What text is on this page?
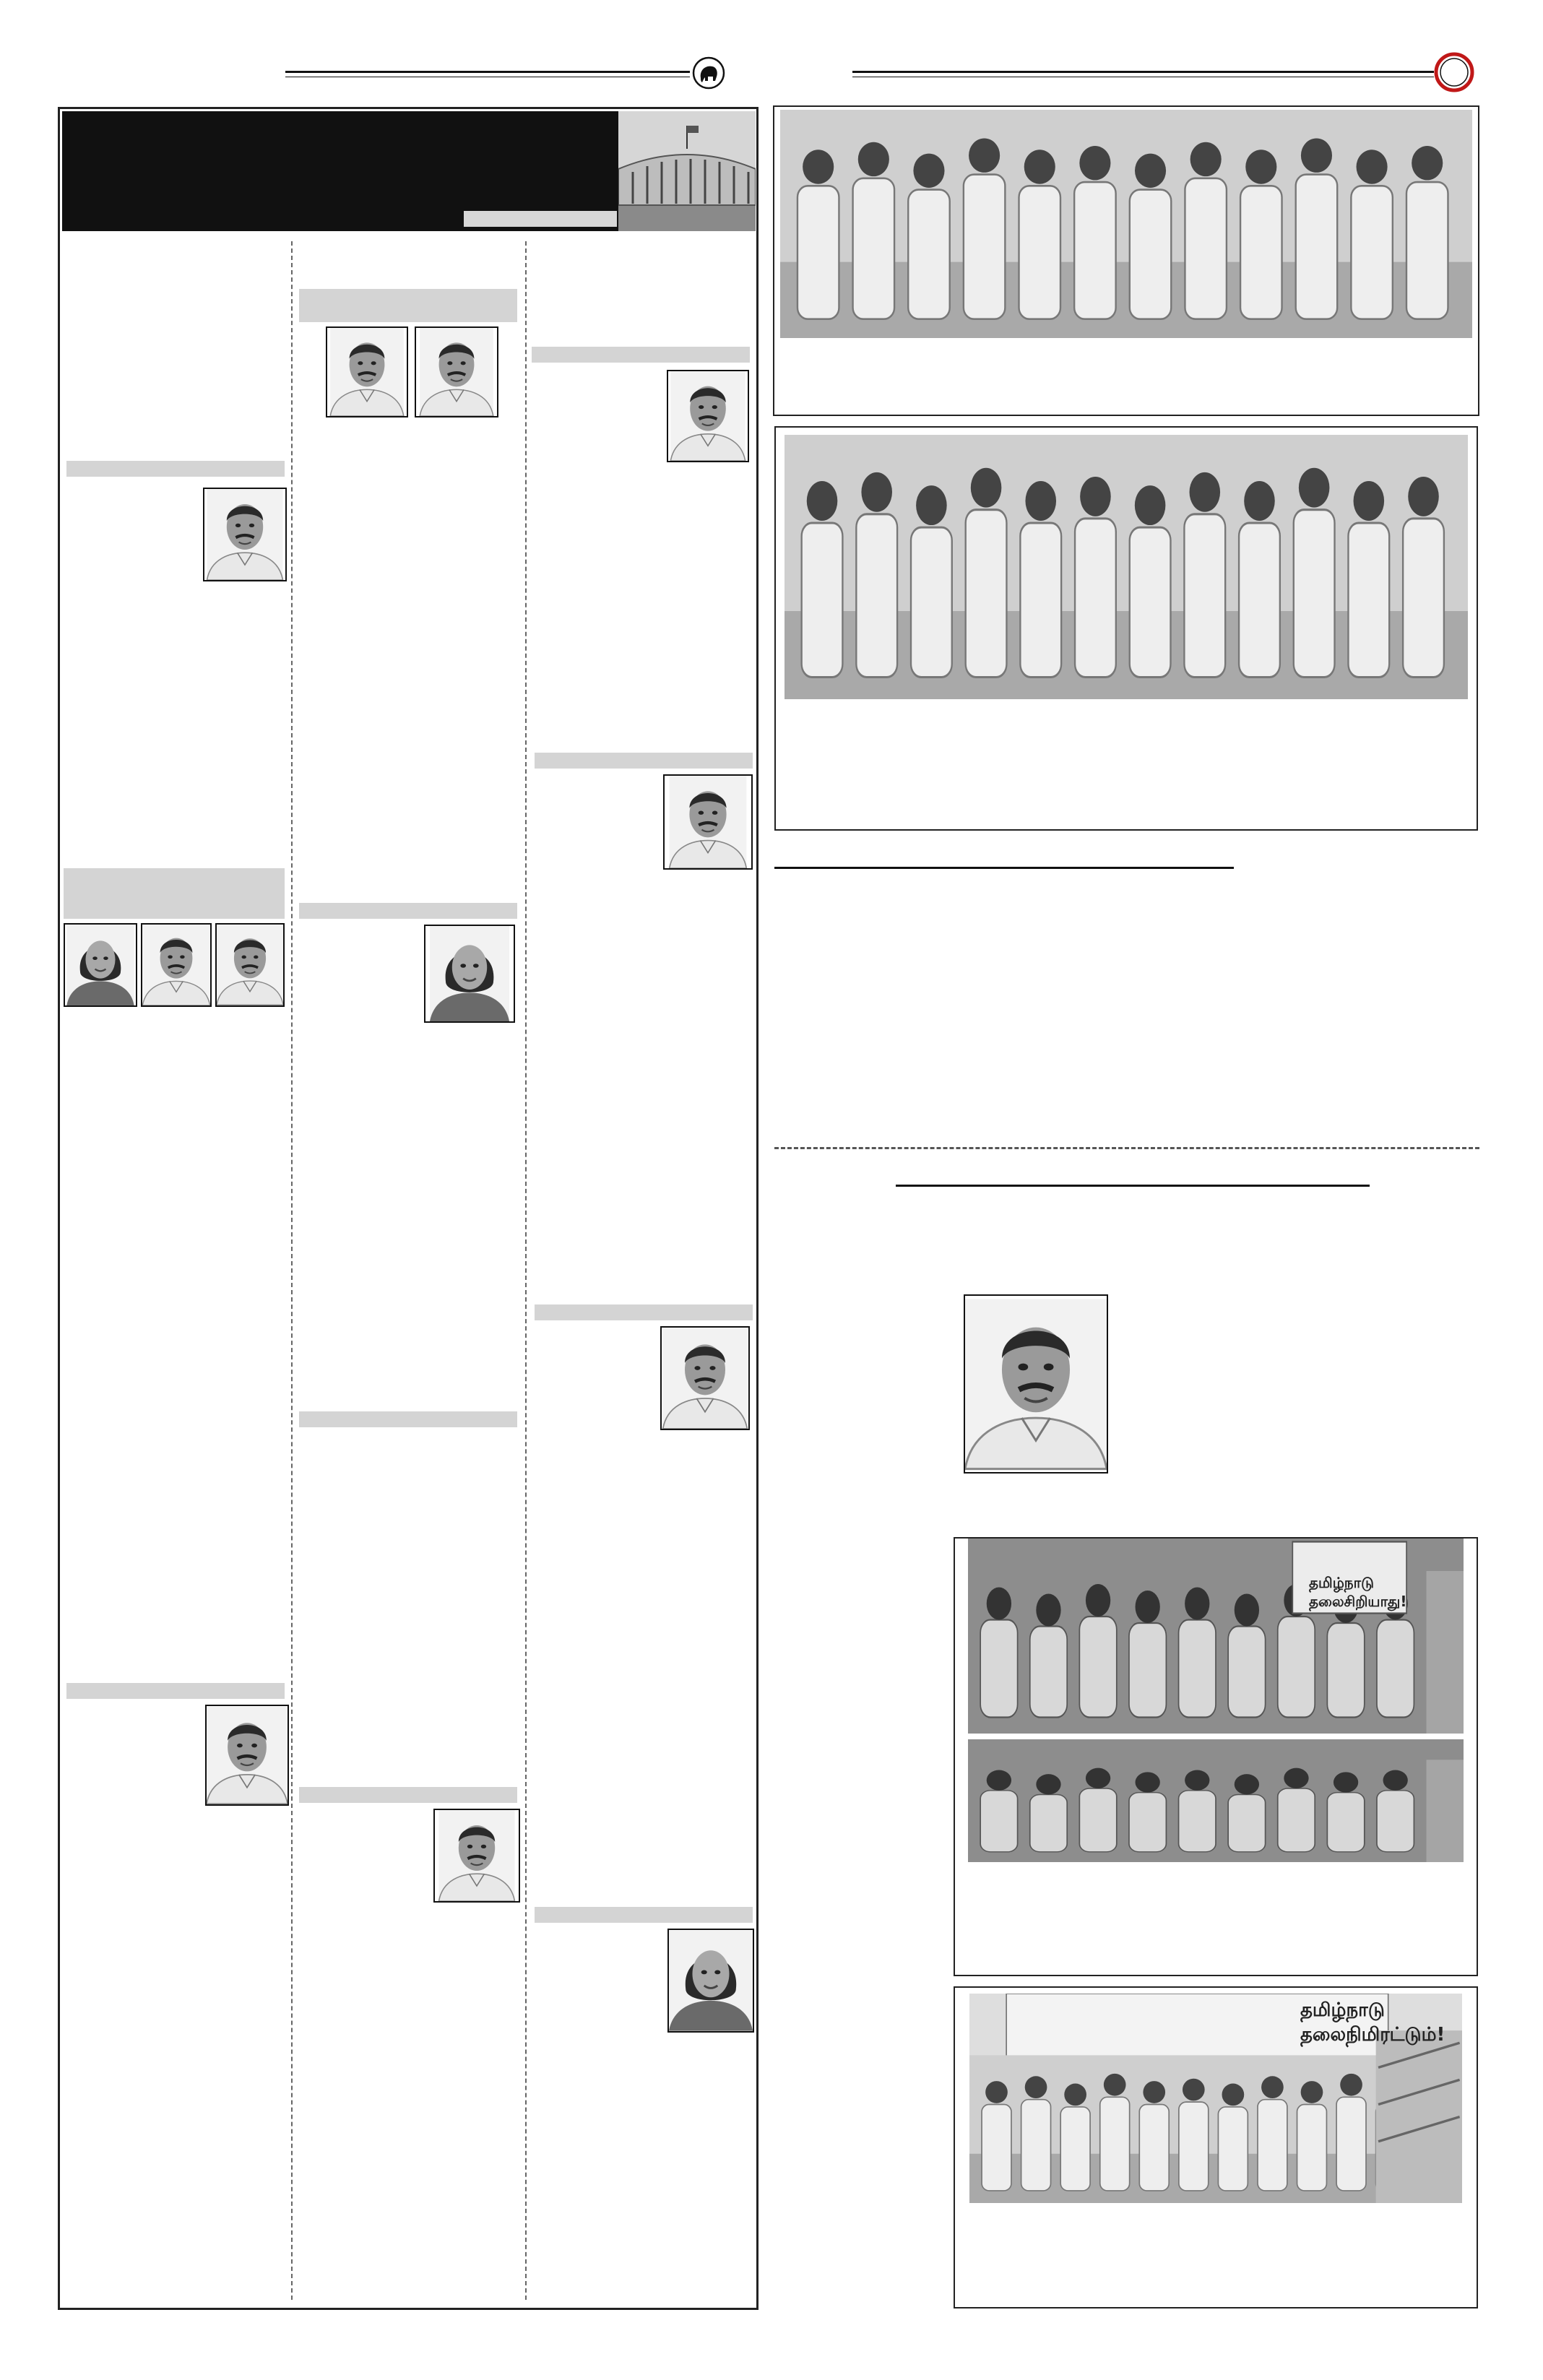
தமிழ்நாடு தலைசிறியாது!
தமிழ்நாடு தலைநிமிரட்டும்!
